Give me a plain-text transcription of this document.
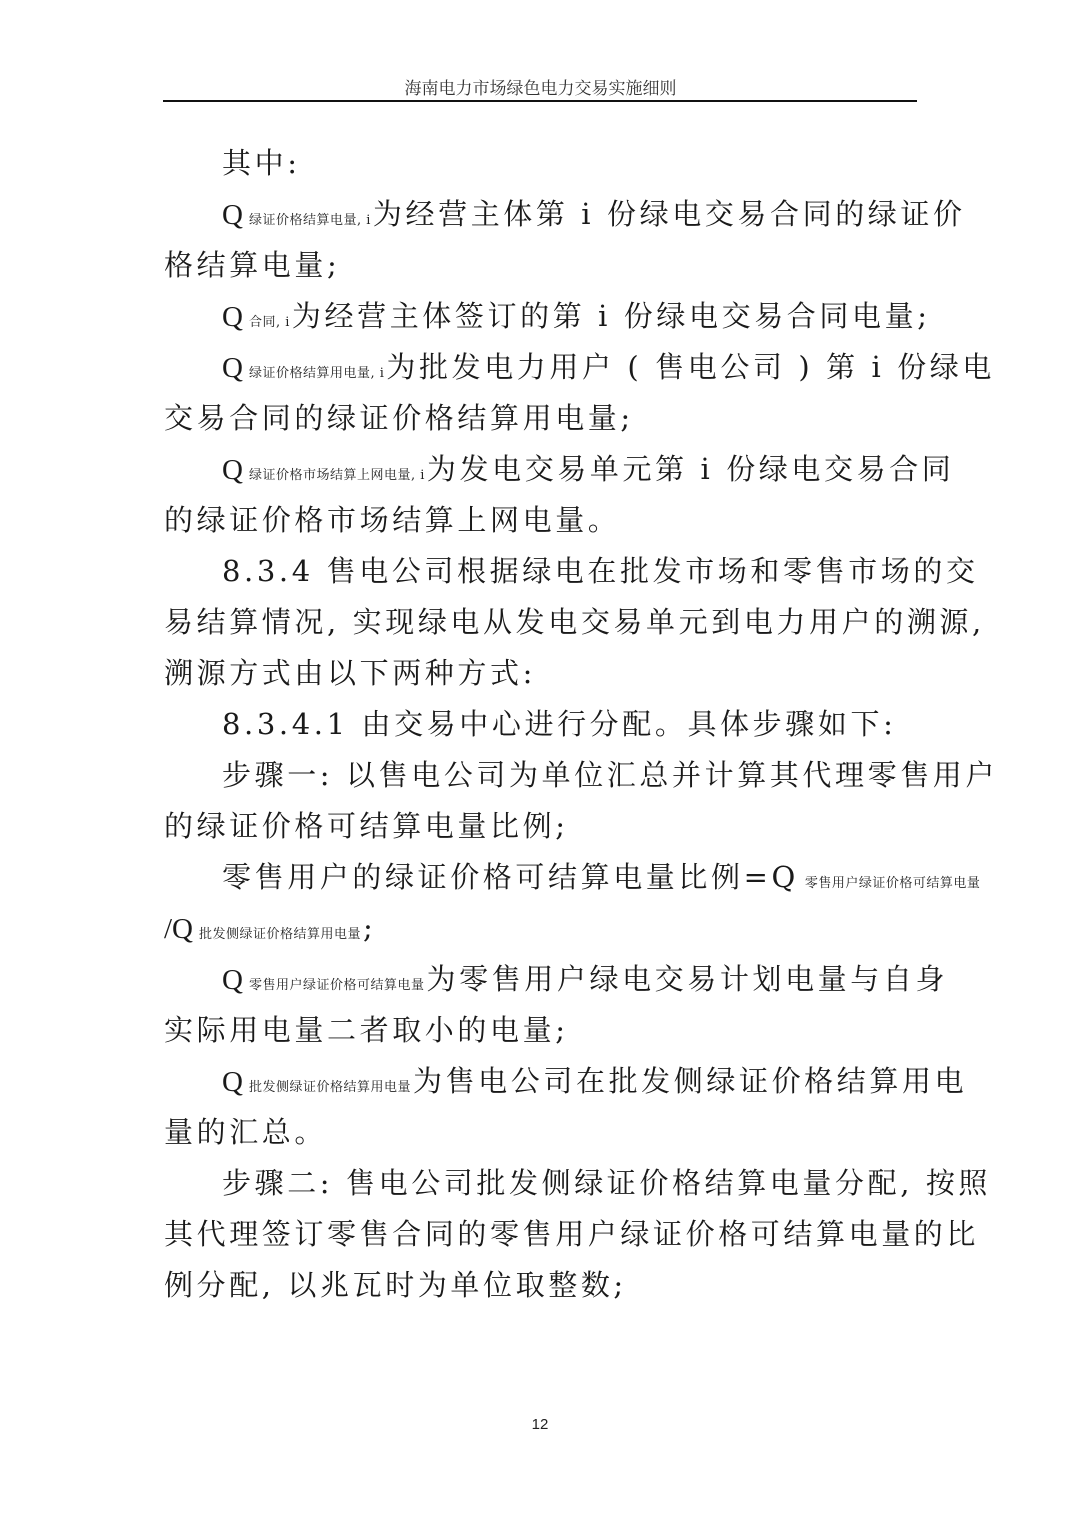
海南电力市场绿色电力交易实施细则
其中:
Q绿证价格结算电量, i为经营主体第 i 份绿电交易合同的绿证价
格结算电量;
Q合同, i为经营主体签订的第 i 份绿电交易合同电量;
Q绿证价格结算用电量, i为批发电力用户 ( 售电公司 ) 第 i 份绿电
交易合同的绿证价格结算用电量;
Q绿证价格市场结算上网电量, i为发电交易单元第 i 份绿电交易合同
的绿证价格市场结算上网电量。
8.3.4 售电公司根据绿电在批发市场和零售市场的交
易结算情况, 实现绿电从发电交易单元到电力用户的溯源,
溯源方式由以下两种方式:
8.3.4.1 由交易中心进行分配。具体步骤如下:
步骤一: 以售电公司为单位汇总并计算其代理零售用户
的绿证价格可结算电量比例;
零售用户的绿证价格可结算电量比例=Q 零售用户绿证价格可结算电量
/Q 批发侧绿证价格结算用电量;
Q零售用户绿证价格可结算电量为零售用户绿电交易计划电量与自身
实际用电量二者取小的电量;
Q批发侧绿证价格结算用电量为售电公司在批发侧绿证价格结算用电
量的汇总。
步骤二: 售电公司批发侧绿证价格结算电量分配, 按照
其代理签订零售合同的零售用户绿证价格可结算电量的比
例分配, 以兆瓦时为单位取整数;
12
